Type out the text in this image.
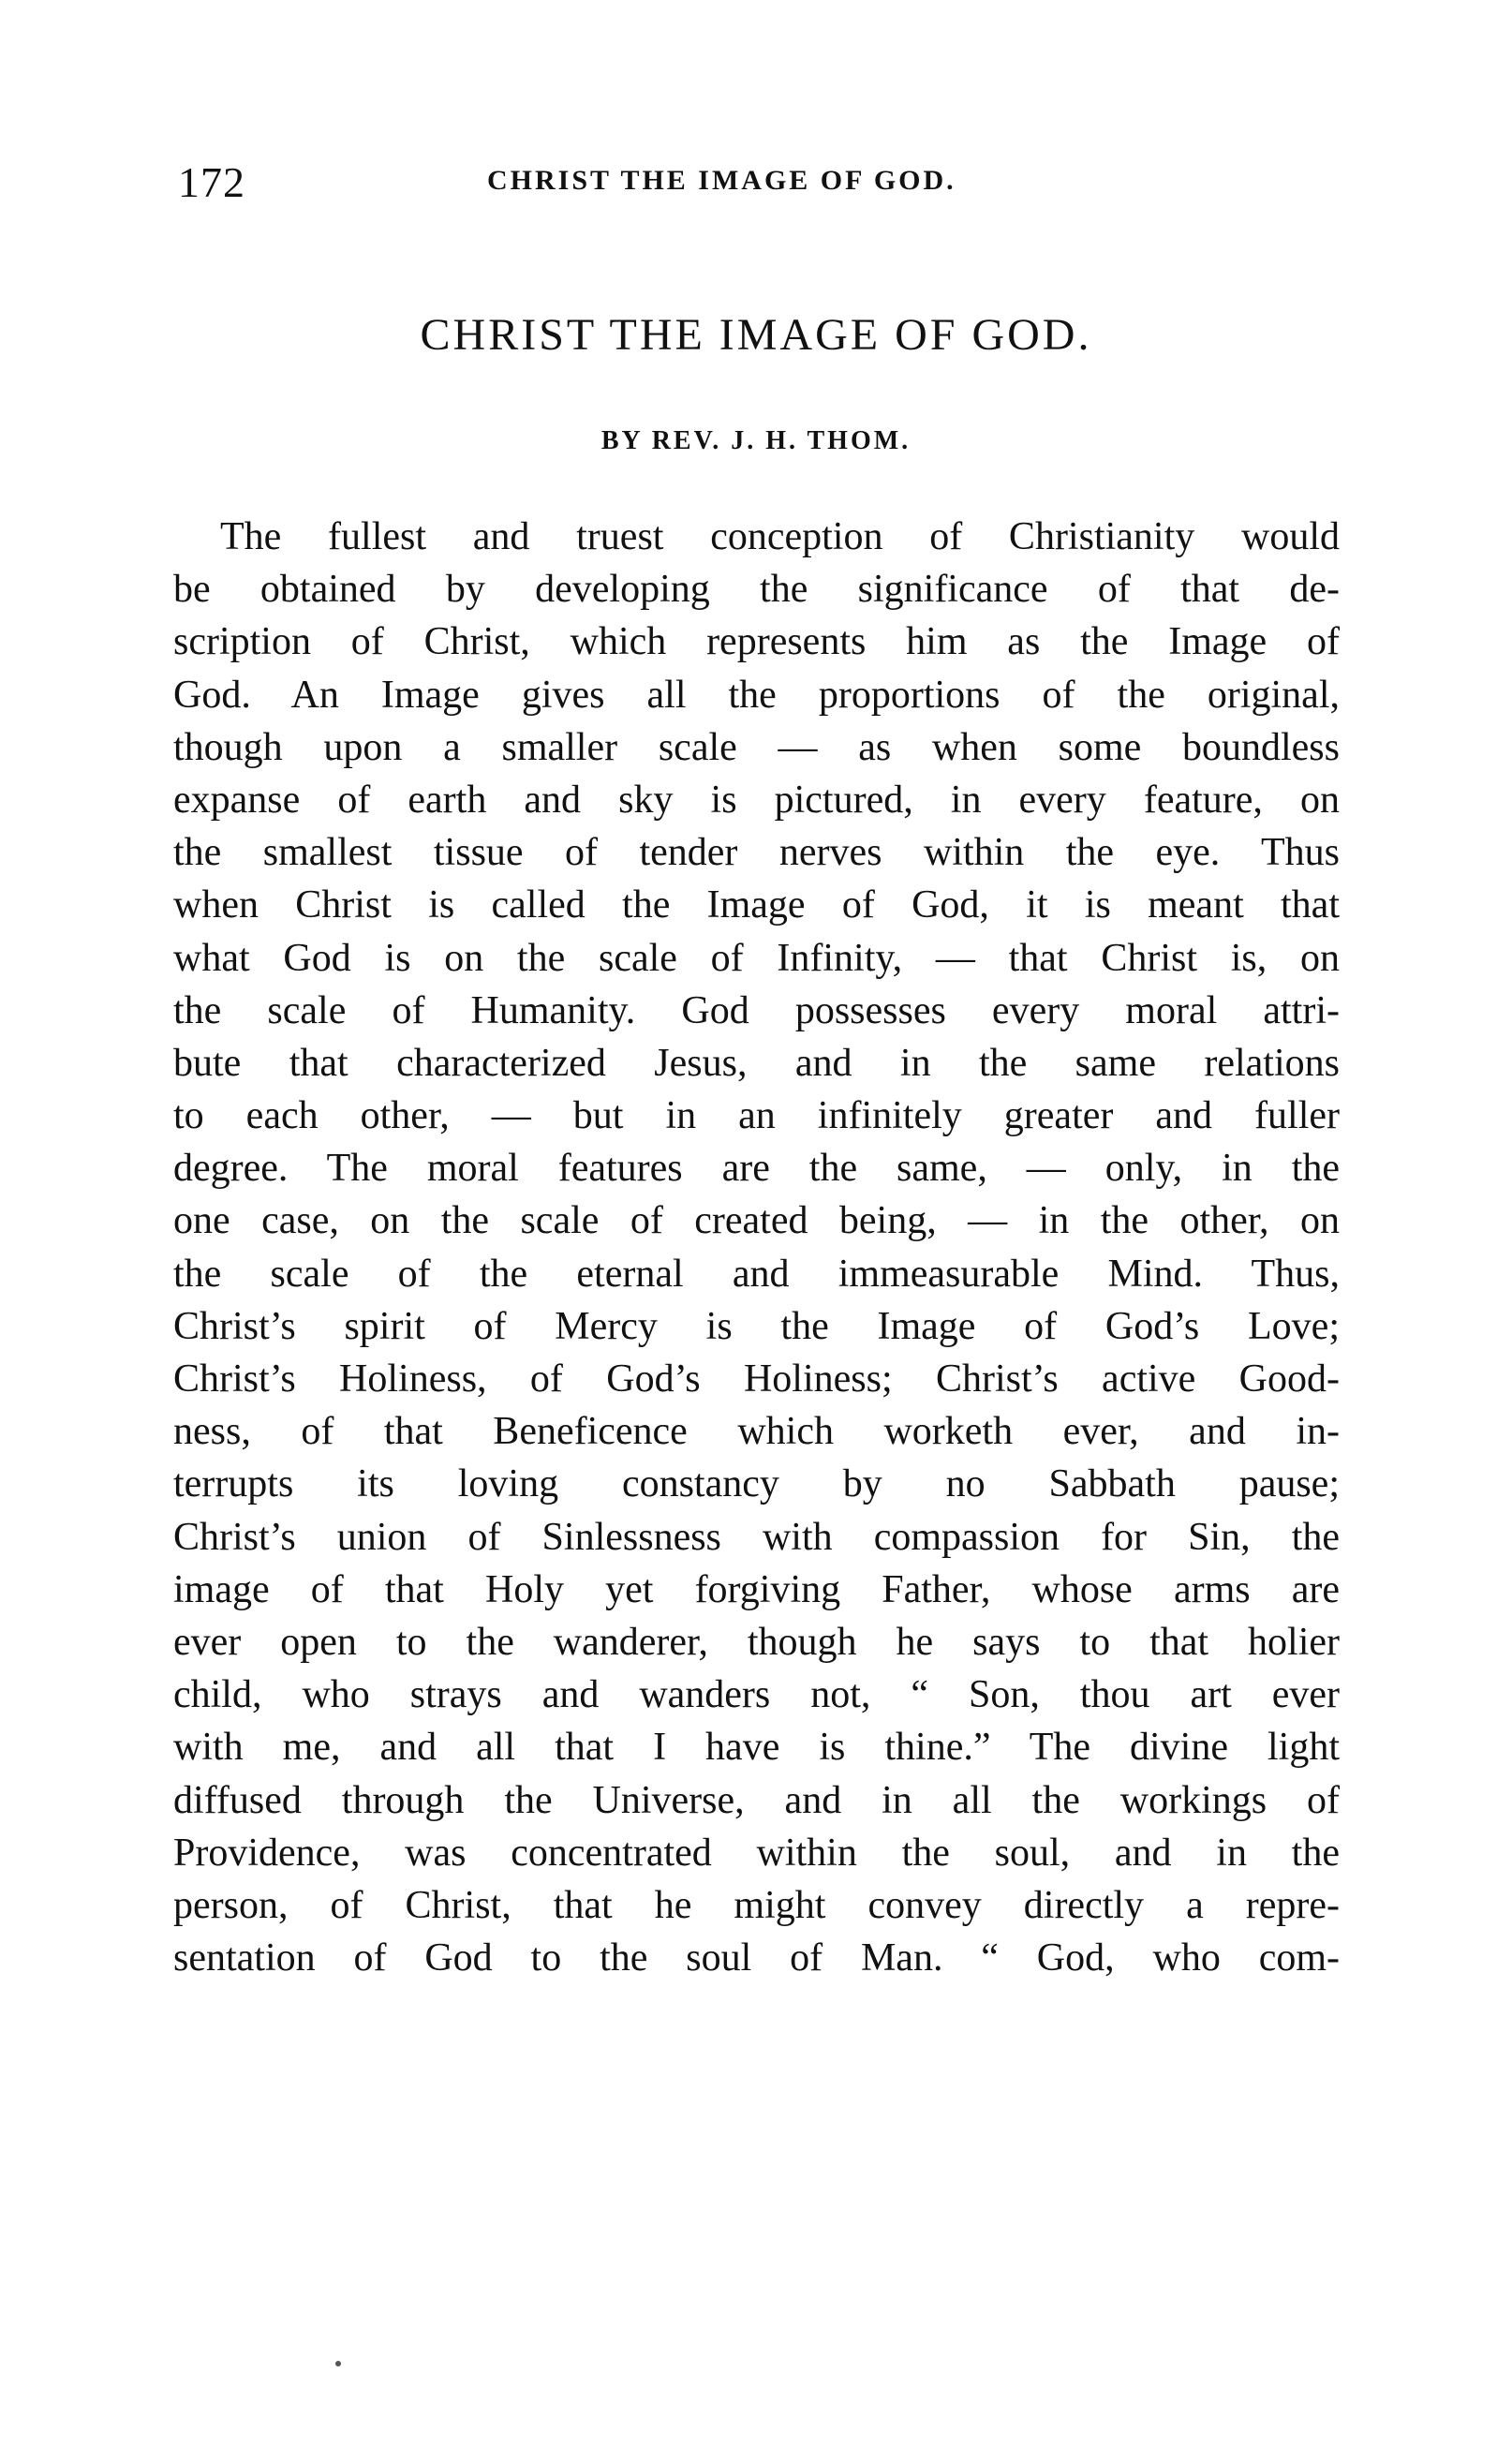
172	CHRIST THE IMAGE OF GOD.
CHRIST THE IMAGE OF GOD.
BY REV. J. H. THOM.
The fullest and truest conception of Christianity would
be obtained by developing the significance of that de-
scription of Christ, which represents him as the Image of
God. An Image gives all the proportions of the original,
though upon a smaller scale — as when some boundless
expanse of earth and sky is pictured, in every feature, on
the smallest tissue of tender nerves within the eye. Thus
when Christ is called the Image of God, it is meant that
what God is on the scale of Infinity, — that Christ is, on
the scale of Humanity. God possesses every moral attri-
bute that characterized Jesus, and in the same relations
to each other, — but in an infinitely greater and fuller
degree. The moral features are the same, — only, in the
one case, on the scale of created being, — in the other, on
the scale of the eternal and immeasurable Mind. Thus,
Christ’s spirit of Mercy is the Image of God’s Love;
Christ’s Holiness, of God’s Holiness; Christ’s active Good-
ness, of that Beneficence which worketh ever, and in-
terrupts its loving constancy by no Sabbath pause;
Christ’s union of Sinlessness with compassion for Sin, the
image of that Holy yet forgiving Father, whose arms are
ever open to the wanderer, though he says to that holier
child, who strays and wanders not, “ Son, thou art ever
with me, and all that I have is thine.” The divine light
diffused through the Universe, and in all the workings of
Providence, was concentrated within the soul, and in the
person, of Christ, that he might convey directly a repre-
sentation of God to the soul of Man. “ God, who com-
